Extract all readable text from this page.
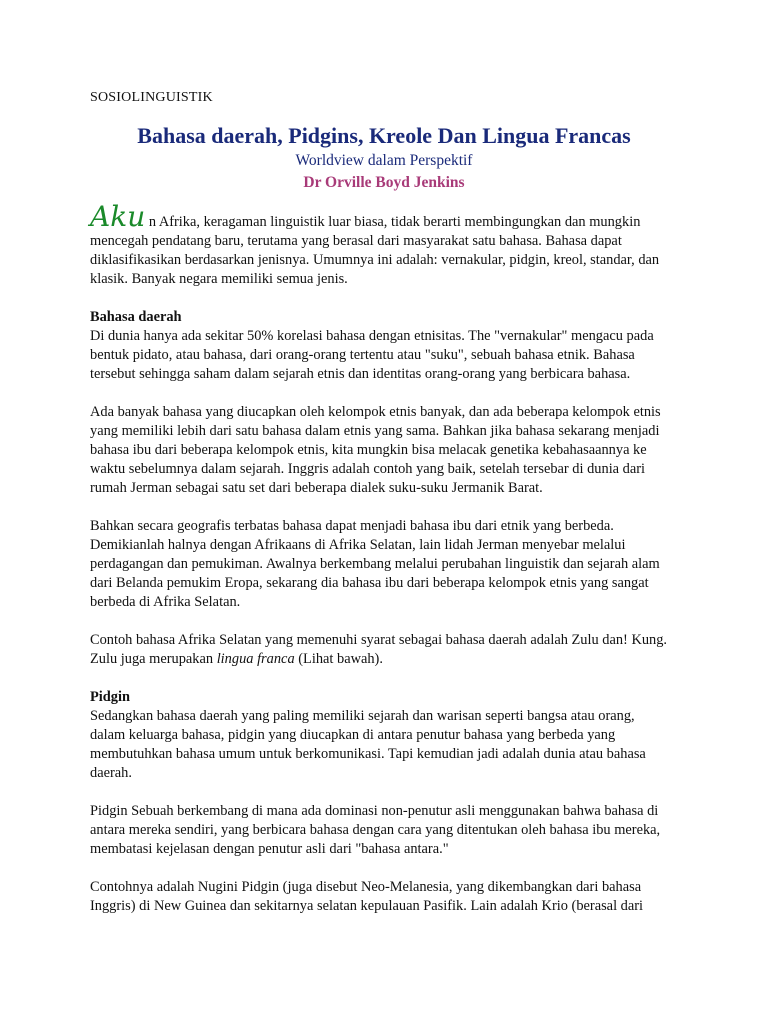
SOSIOLINGUISTIK
Bahasa daerah, Pidgins, Kreole Dan Lingua Francas
Worldview dalam Perspektif
Dr Orville Boyd Jenkins

Aku n Afrika, keragaman linguistik luar biasa, tidak berarti membingungkan dan mungkin mencegah pendatang baru, terutama yang berasal dari masyarakat satu bahasa. Bahasa dapat diklasifikasikan berdasarkan jenisnya. Umumnya ini adalah: vernakular, pidgin, kreol, standar, dan klasik. Banyak negara memiliki semua jenis.

Bahasa daerah

Di dunia hanya ada sekitar 50% korelasi bahasa dengan etnisitas. The "vernakular" mengacu pada bentuk pidato, atau bahasa, dari orang-orang tertentu atau "suku", sebuah bahasa etnik. Bahasa tersebut sehingga saham dalam sejarah etnis dan identitas orang-orang yang berbicara bahasa.

Ada banyak bahasa yang diucapkan oleh kelompok etnis banyak, dan ada beberapa kelompok etnis yang memiliki lebih dari satu bahasa dalam etnis yang sama. Bahkan jika bahasa sekarang menjadi bahasa ibu dari beberapa kelompok etnis, kita mungkin bisa melacak genetika kebahasaannya ke waktu sebelumnya dalam sejarah. Inggris adalah contoh yang baik, setelah tersebar di dunia dari rumah Jerman sebagai satu set dari beberapa dialek suku-suku Jermanik Barat.

Bahkan secara geografis terbatas bahasa dapat menjadi bahasa ibu dari etnik yang berbeda. Demikianlah halnya dengan Afrikaans di Afrika Selatan, lain lidah Jerman menyebar melalui perdagangan dan pemukiman. Awalnya berkembang melalui perubahan linguistik dan sejarah alam dari Belanda pemukim Eropa, sekarang dia bahasa ibu dari beberapa kelompok etnis yang sangat berbeda di Afrika Selatan.

Contoh bahasa Afrika Selatan yang memenuhi syarat sebagai bahasa daerah adalah Zulu dan! Kung. Zulu juga merupakan lingua franca (Lihat bawah).

Pidgin

Sedangkan bahasa daerah yang paling memiliki sejarah dan warisan seperti bangsa atau orang, dalam keluarga bahasa, pidgin yang diucapkan di antara penutur bahasa yang berbeda yang membutuhkan bahasa umum untuk berkomunikasi. Tapi kemudian jadi adalah dunia atau bahasa daerah.

Pidgin Sebuah berkembang di mana ada dominasi non-penutur asli menggunakan bahwa bahasa di antara mereka sendiri, yang berbicara bahasa dengan cara yang ditentukan oleh bahasa ibu mereka, membatasi kejelasan dengan penutur asli dari "bahasa antara."

Contohnya adalah Nugini Pidgin (juga disebut Neo-Melanesia, yang dikembangkan dari bahasa Inggris) di New Guinea dan sekitarnya selatan kepulauan Pasifik. Lain adalah Krio (berasal dari
